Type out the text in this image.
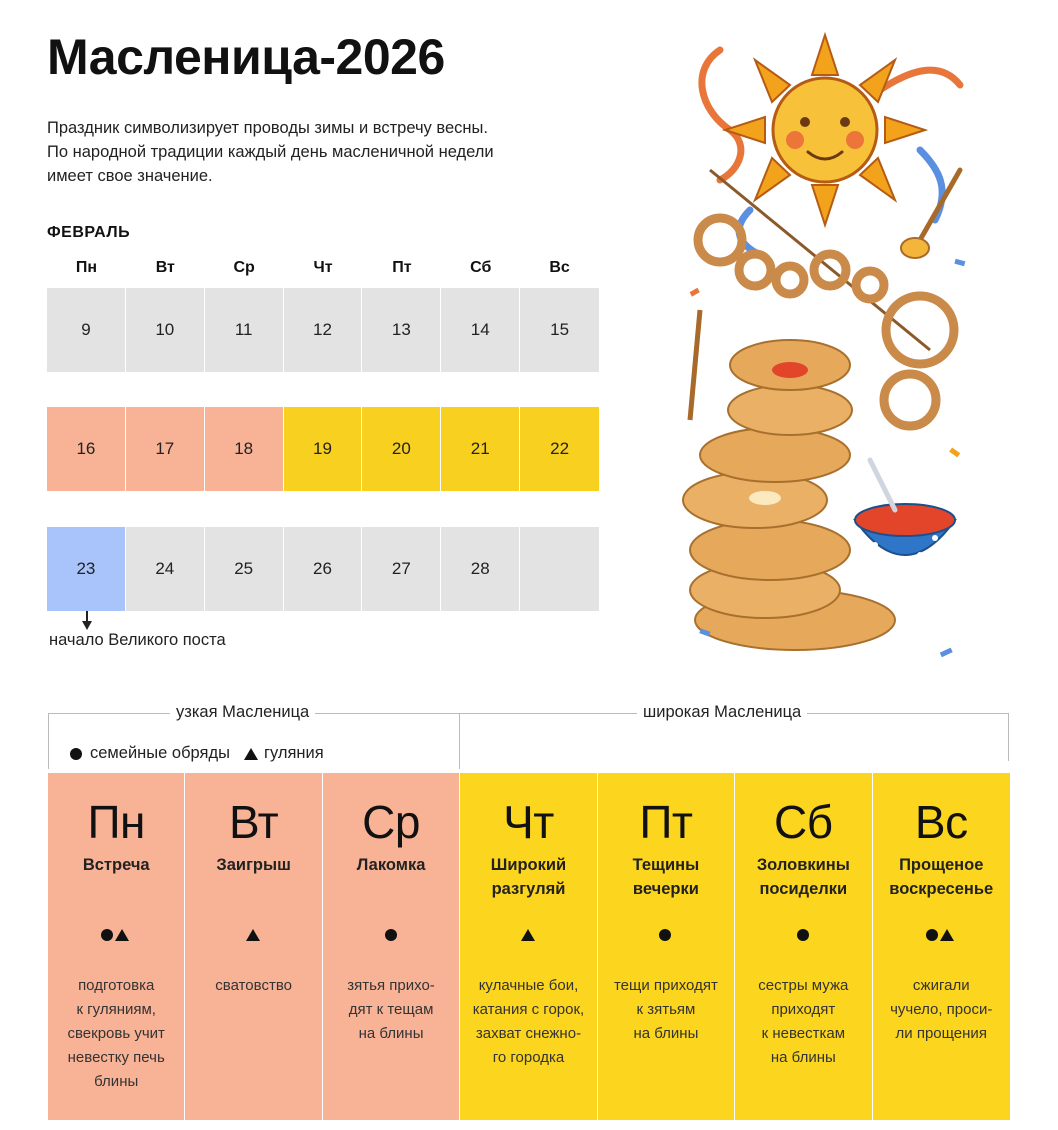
Масленица-2026
Праздник символизирует проводы зимы и встречу весны.
По народной традиции каждый день масленичной недели
имеет свое значение.
ФЕВРАЛЬ
Пн	Вт	Ср	Чт	Пт	Сб	Вс
9	10	11	12	13	14	15
16	17	18	19	20	21	22
23	24	25	26	27	28
начало Великого поста
узкая Масленица	широкая Масленица
семейные обряды гуляния
Пн
Встреча
подготовка
к гуляниям,
свекровь учит
невестку печь
блины
Вт
Заигрыш
сватовство
Ср
Лакомка
зятья прихо-
дят к тещам
на блины
Чт
Широкий
разгуляй
кулачные бои,
катания с горок,
захват снежно-
го городка
Пт
Тещины
вечерки
тещи приходят
к зятьям
на блины
Сб
Золовкины
посиделки
сестры мужа
приходят
к невесткам
на блины
Вс
Прощеное
воскресенье
сжигали
чучело, проси-
ли прощения
